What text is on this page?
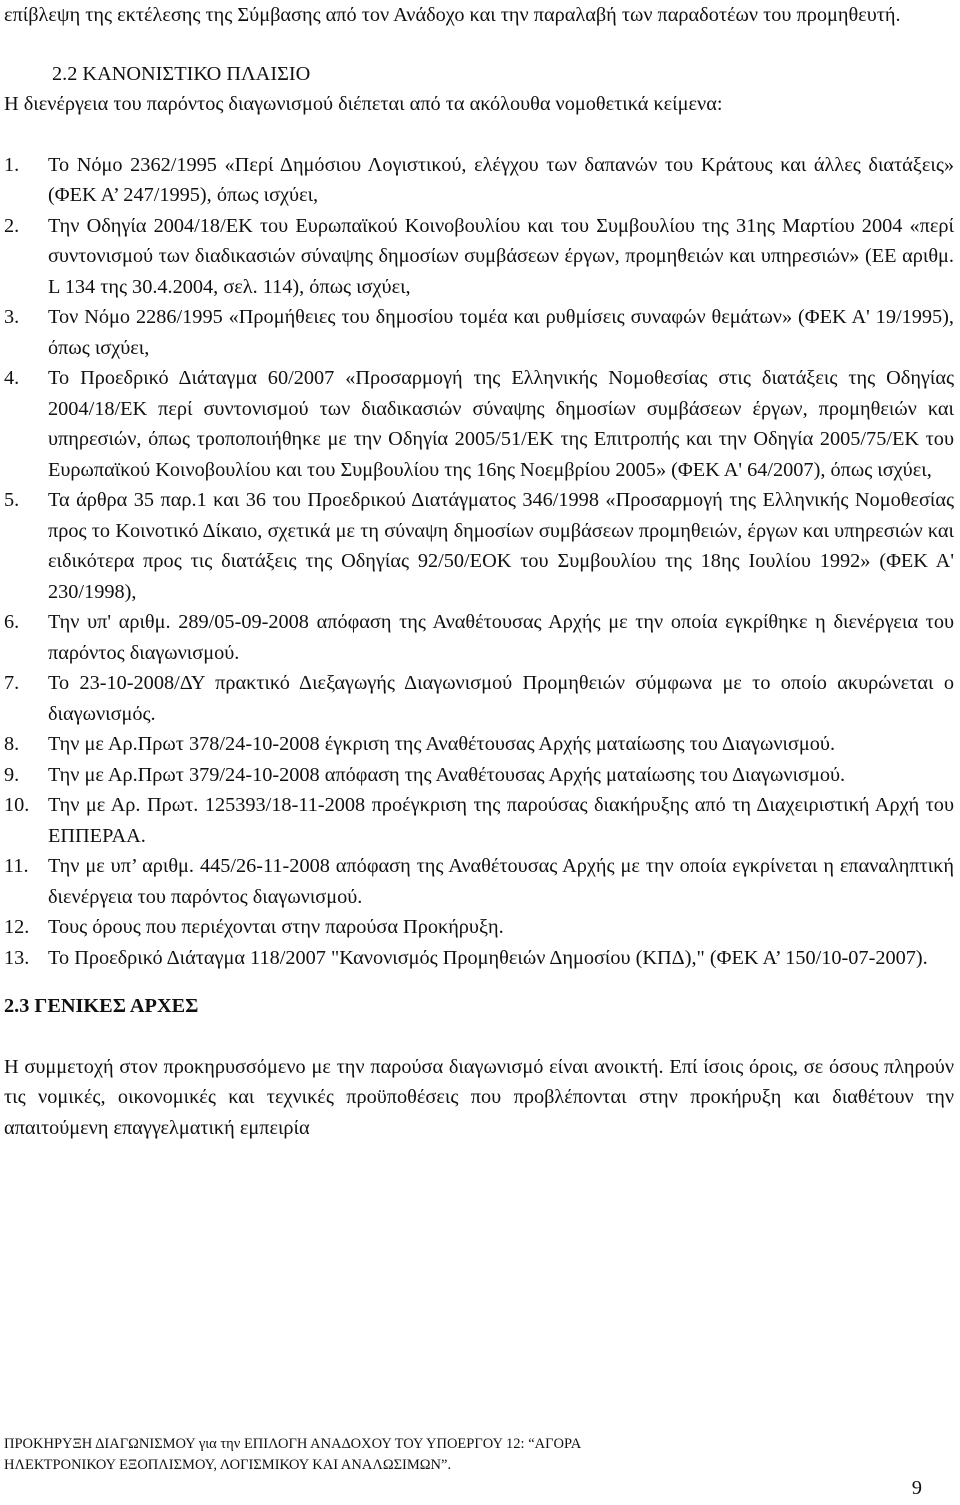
επίβλεψη της εκτέλεσης της Σύμβασης από τον Ανάδοχο και την παραλαβή των παραδοτέων του προμηθευτή.

2.2 ΚΑΝΟΝΙΣΤΙΚΟ ΠΛΑΙΣΙΟ

Η διενέργεια του παρόντος διαγωνισμού διέπεται από τα ακόλουθα νομοθετικά κείμενα:

1.	Το Νόμο 2362/1995 «Περί Δημόσιου Λογιστικού, ελέγχου των δαπανών του Κράτους και άλλες διατάξεις» (ΦΕΚ Α’ 247/1995), όπως ισχύει,
2.	Την Οδηγία 2004/18/ΕΚ του Ευρωπαϊκού Κοινοβουλίου και του Συμβουλίου της 31ης Μαρτίου 2004 «περί συντονισμού των διαδικασιών σύναψης δημοσίων συμβάσεων έργων, προμηθειών και υπηρεσιών» (ΕΕ αριθμ. L 134 της 30.4.2004, σελ. 114), όπως ισχύει,
3.	Τον Νόμο 2286/1995 «Προμήθειες του δημοσίου τομέα και ρυθμίσεις συναφών θεμάτων» (ΦΕΚ Α' 19/1995), όπως ισχύει,
4.	Το Προεδρικό Διάταγμα 60/2007 «Προσαρμογή της Ελληνικής Νομοθεσίας στις διατάξεις της Οδηγίας 2004/18/ΕΚ περί συντονισμού των διαδικασιών σύναψης δημοσίων συμβάσεων έργων, προμηθειών και υπηρεσιών, όπως τροποποιήθηκε με την Οδηγία 2005/51/ΕΚ της Επιτροπής και την Οδηγία 2005/75/ΕΚ του Ευρωπαϊκού Κοινοβουλίου και του Συμβουλίου της 16ης Νοεμβρίου 2005» (ΦΕΚ Α' 64/2007), όπως ισχύει,
5.	Τα άρθρα 35 παρ.1 και 36 του Προεδρικού Διατάγματος 346/1998 «Προσαρμογή της Ελληνικής Νομοθεσίας προς το Κοινοτικό Δίκαιο, σχετικά με τη σύναψη δημοσίων συμβάσεων προμηθειών, έργων και υπηρεσιών και ειδικότερα προς τις διατάξεις της Οδηγίας 92/50/ΕΟΚ του Συμβουλίου της 18ης Ιουλίου 1992» (ΦΕΚ Α' 230/1998),
6.	Την υπ' αριθμ. 289/05-09-2008 απόφαση της Αναθέτουσας Αρχής με την οποία εγκρίθηκε η διενέργεια του παρόντος διαγωνισμού.
7.	Το 23-10-2008/ΔΥ πρακτικό Διεξαγωγής Διαγωνισμού Προμηθειών σύμφωνα με το οποίο ακυρώνεται ο διαγωνισμός.
8.	Την με Αρ.Πρωτ 378/24-10-2008 έγκριση της Αναθέτουσας Αρχής ματαίωσης του Διαγωνισμού.
9.	Την με Αρ.Πρωτ 379/24-10-2008 απόφαση της Αναθέτουσας Αρχής ματαίωσης του Διαγωνισμού.
10. Την με Αρ. Πρωτ. 125393/18-11-2008 προέγκριση της παρούσας διακήρυξης από τη Διαχειριστική Αρχή του ΕΠΠΕΡΑΑ.
11. Την με υπ’ αριθμ. 445/26-11-2008 απόφαση της Αναθέτουσας Αρχής με την οποία εγκρίνεται η επαναληπτική διενέργεια του παρόντος διαγωνισμού.
12. Τους όρους που περιέχονται στην παρούσα Προκήρυξη.
13. Το Προεδρικό Διάταγμα 118/2007 "Κανονισμός Προμηθειών Δημοσίου (ΚΠΔ)," (ΦΕΚ Α’ 150/10-07-2007).
2.3 ΓΕΝΙΚΕΣ ΑΡΧΕΣ

Η συμμετοχή στον προκηρυσσόμενο με την παρούσα διαγωνισμό είναι ανοικτή. Επί ίσοις όροις, σε όσους πληρούν τις νομικές, οικονομικές και τεχνικές προϋποθέσεις που προβλέπονται στην προκήρυξη και διαθέτουν την απαιτούμενη επαγγελματική εμπειρία

ΠΡΟΚΗΡΥΞΗ ΔΙΑΓΩΝΙΣΜΟΥ για την ΕΠΙΛΟΓΗ ΑΝΑΔΟΧΟΥ ΤΟΥ ΥΠΟΕΡΓΟΥ 12: “ΑΓΟΡΑ
ΗΛΕΚΤΡΟΝΙΚΟΥ ΕΞΟΠΛΙΣΜΟΥ, ΛΟΓΙΣΜΙΚΟΥ ΚΑΙ ΑΝΑΛΩΣΙΜΩΝ”.
9
